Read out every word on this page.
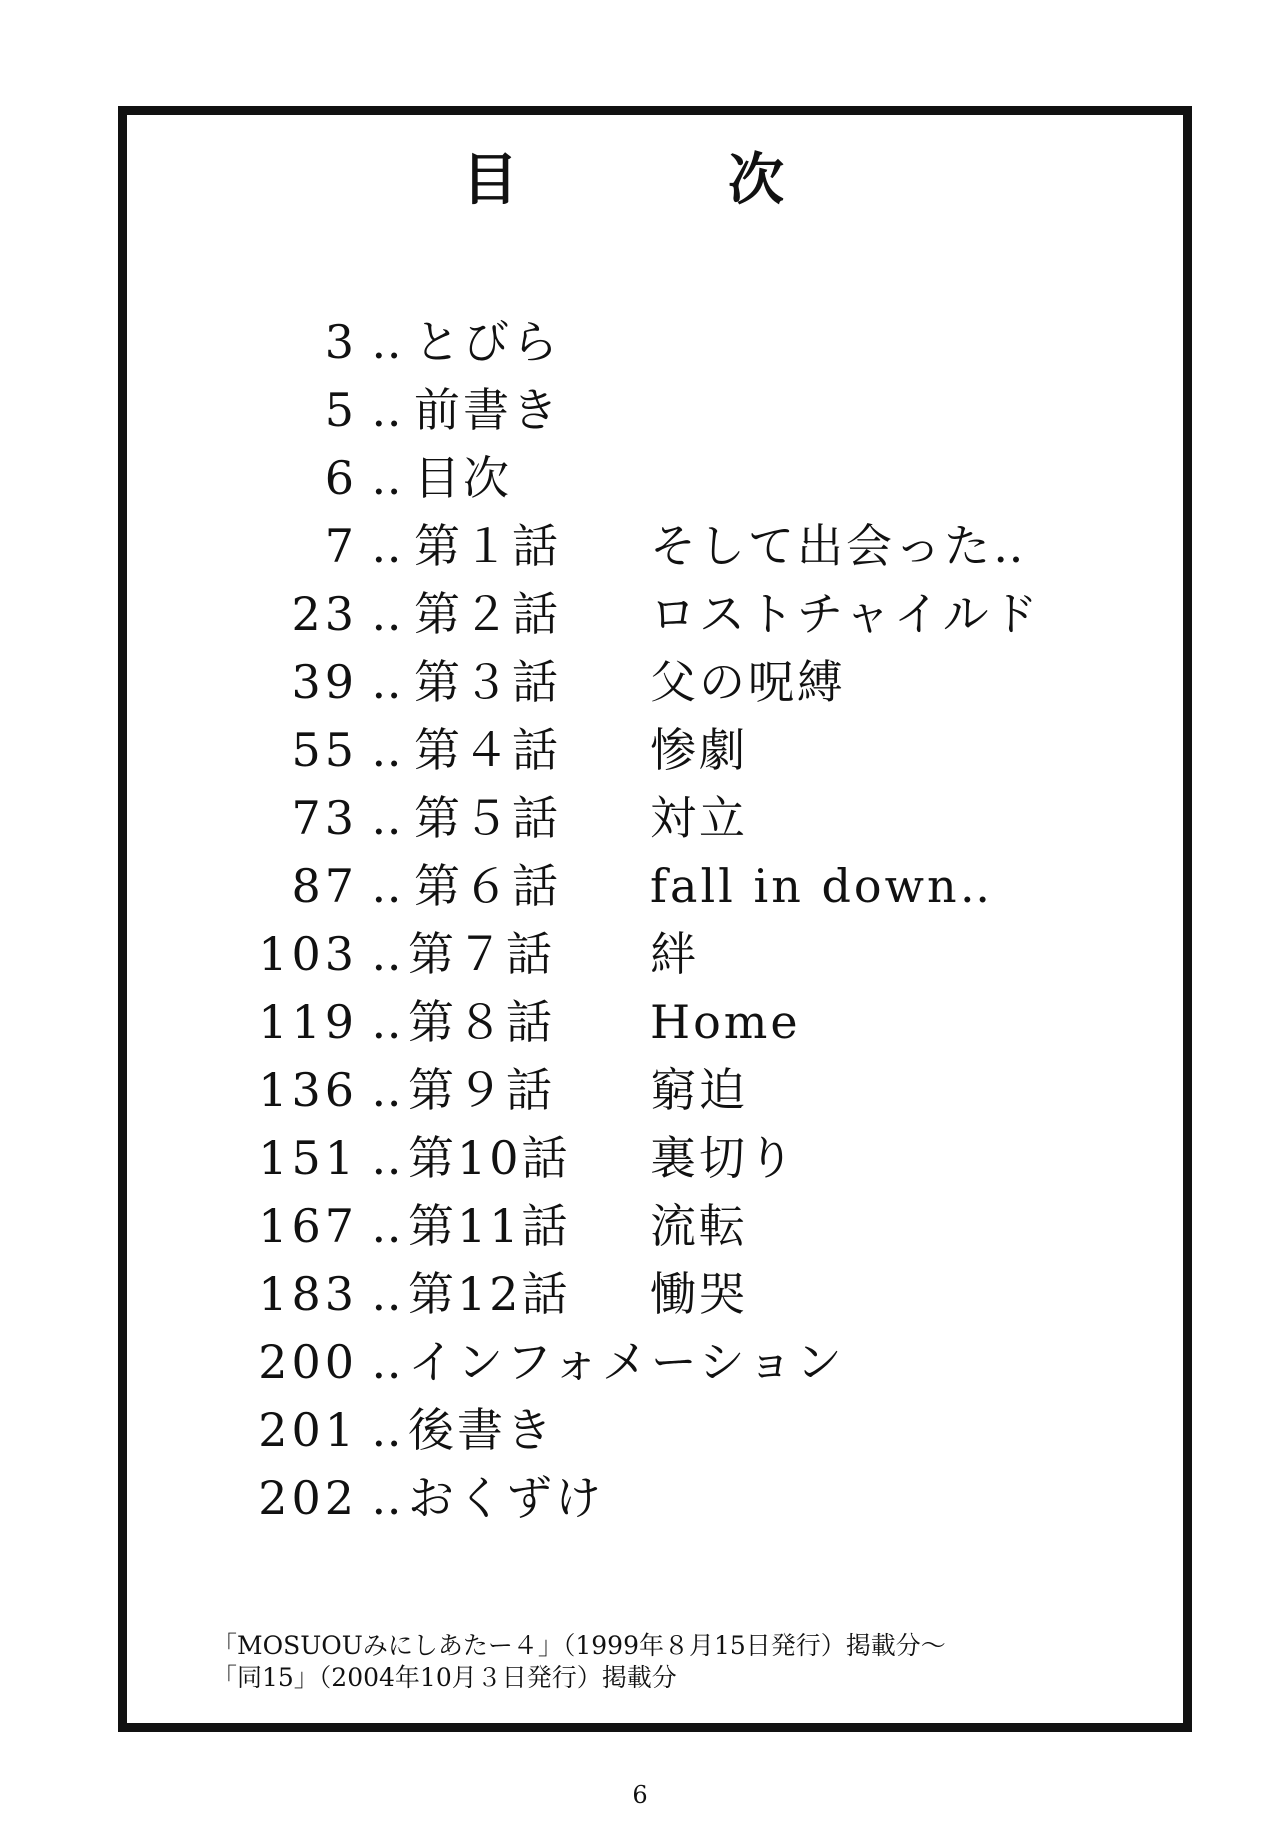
目	次
3 ‥ とびら
5 ‥ 前書き
6 ‥ 目次
7 ‥ 第１話 そして出会った‥
23 ‥ 第２話 ロストチャイルド
39 ‥ 第３話 父の呪縛
55 ‥ 第４話 惨劇
73 ‥ 第５話 対立
87 ‥ 第６話 fall in down‥
103 ‥ 第７話 絆
119 ‥ 第８話 Home
136 ‥ 第９話 窮迫
151 ‥ 第10話 裏切り
167 ‥ 第11話 流転
183 ‥ 第12話 慟哭
200 ‥ インフォメーション
201 ‥ 後書き
202 ‥ おくずけ
「MOSUOUみにしあたー４」（1999年８月15日発行）掲載分～
「同15」（2004年10月３日発行）掲載分
6
